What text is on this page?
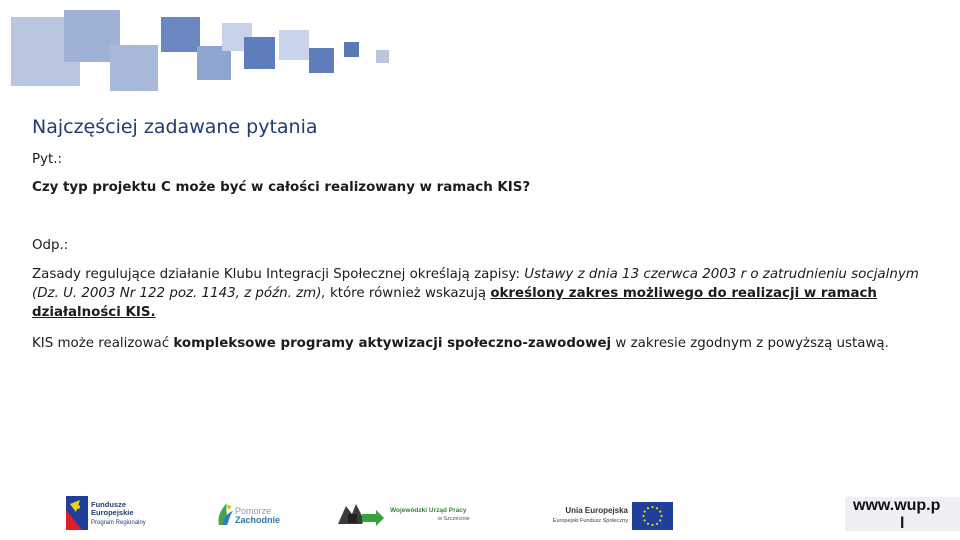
Najczęściej zadawane pytania
Pyt.:
Czy typ projektu C może być w całości realizowany w ramach KIS?
Odp.:
Zasady regulujące działanie Klubu Integracji Społecznej określają zapisy: Ustawy z dnia 13 czerwca 2003 r o zatrudnieniu socjalnym (Dz. U. 2003 Nr 122 poz. 1143, z późn. zm), które również wskazują określony zakres możliwego do realizacji w ramach działalności KIS.
KIS może realizować kompleksowe programy aktywizacji społeczno-zawodowej w zakresie zgodnym z powyższą ustawą.
Fundusze
Europejskie
Program Regionalny
Pomorze
Zachodnie
Wojewódzki Urząd Pracy
w Szczecinie
Unia Europejska
Europejski Fundusz Społeczny
www.wup.p
l
